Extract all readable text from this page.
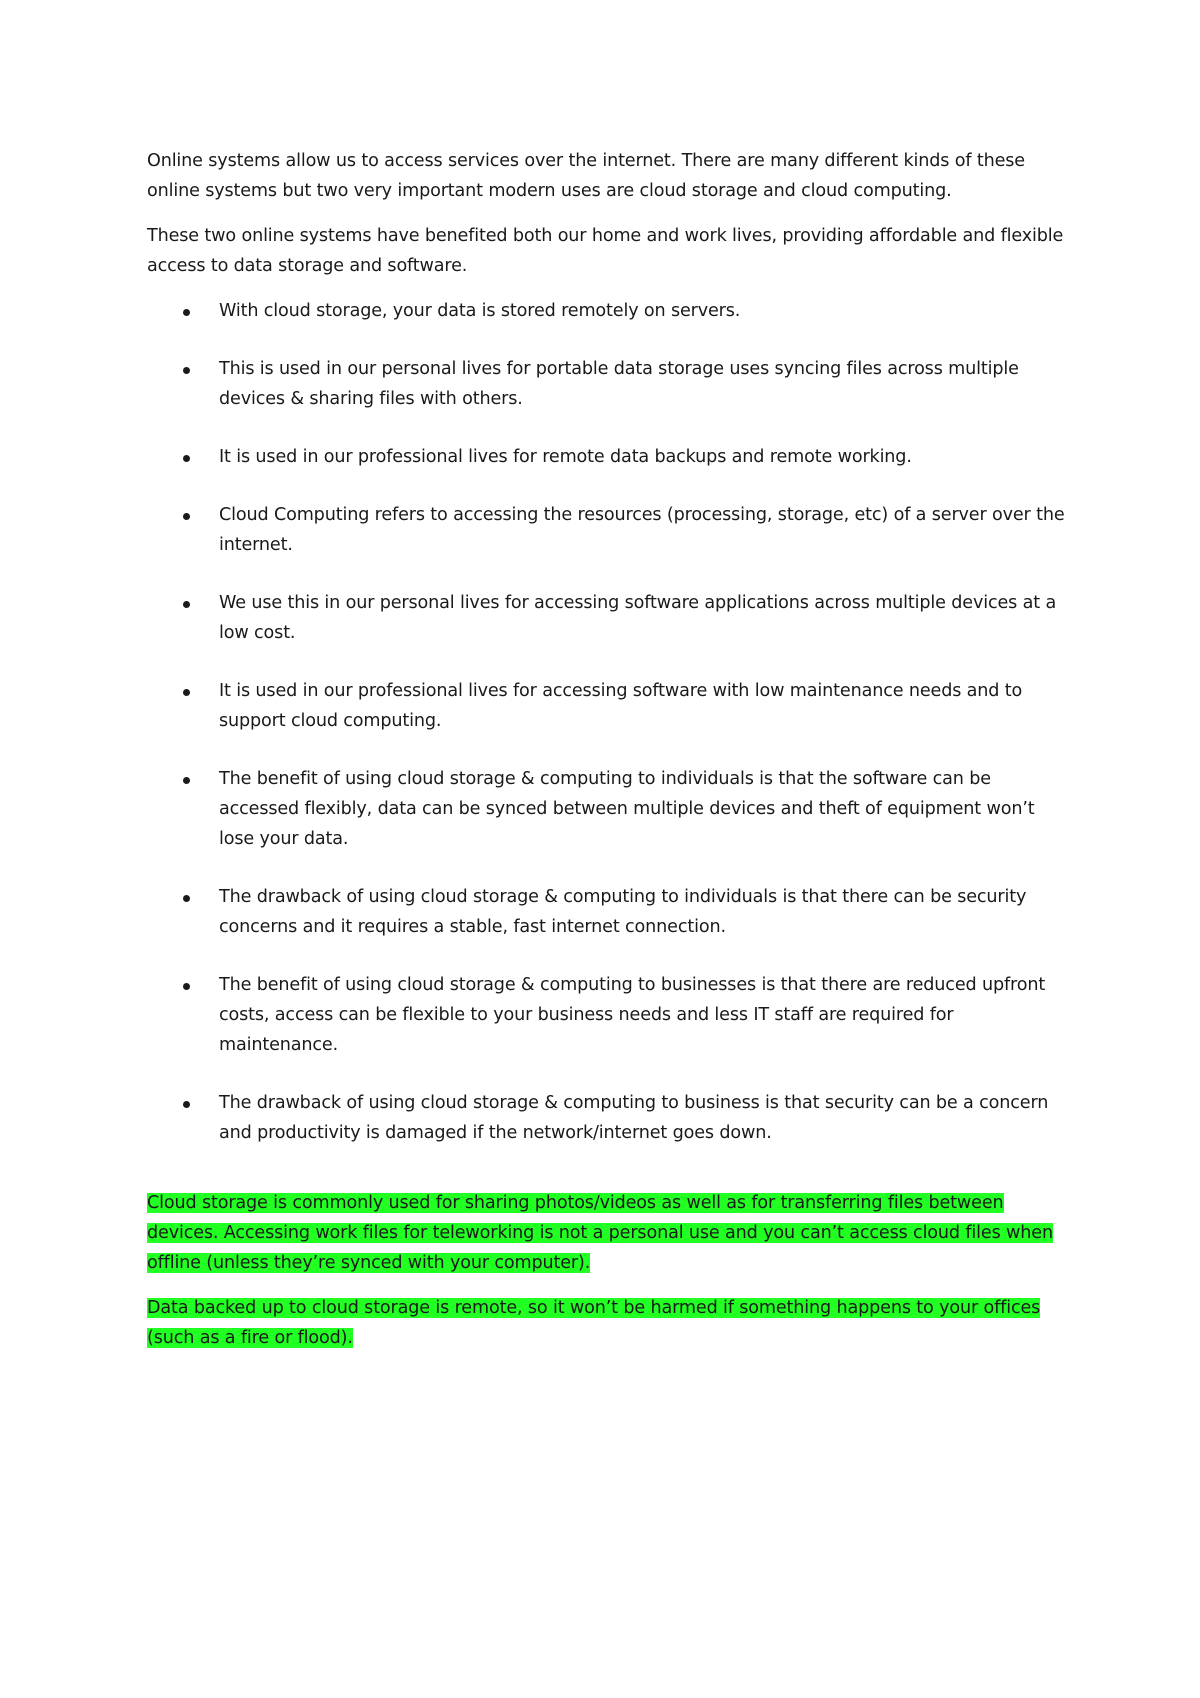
Online systems allow us to access services over the internet. There are many different kinds of these online systems but two very important modern uses are cloud storage and cloud computing.

These two online systems have benefited both our home and work lives, providing affordable and flexible access to data storage and software.

With cloud storage, your data is stored remotely on servers.
This is used in our personal lives for portable data storage uses syncing files across multiple devices & sharing files with others.
It is used in our professional lives for remote data backups and remote working.
Cloud Computing refers to accessing the resources (processing, storage, etc) of a server over the internet.
We use this in our personal lives for accessing software applications across multiple devices at a low cost.
It is used in our professional lives for accessing software with low maintenance needs and to support cloud computing.
The benefit of using cloud storage & computing to individuals is that the software can be accessed flexibly, data can be synced between multiple devices and theft of equipment won’t lose your data.
The drawback of using cloud storage & computing to individuals is that there can be security concerns and it requires a stable, fast internet connection.
The benefit of using cloud storage & computing to businesses is that there are reduced upfront costs, access can be flexible to your business needs and less IT staff are required for maintenance.
The drawback of using cloud storage & computing to business is that security can be a concern and productivity is damaged if the network/internet goes down.

Cloud storage is commonly used for sharing photos/videos as well as for transferring files between devices. Accessing work files for teleworking is not a personal use and you can’t access cloud files when offline (unless they’re synced with your computer).

Data backed up to cloud storage is remote, so it won’t be harmed if something happens to your offices (such as a fire or flood).
